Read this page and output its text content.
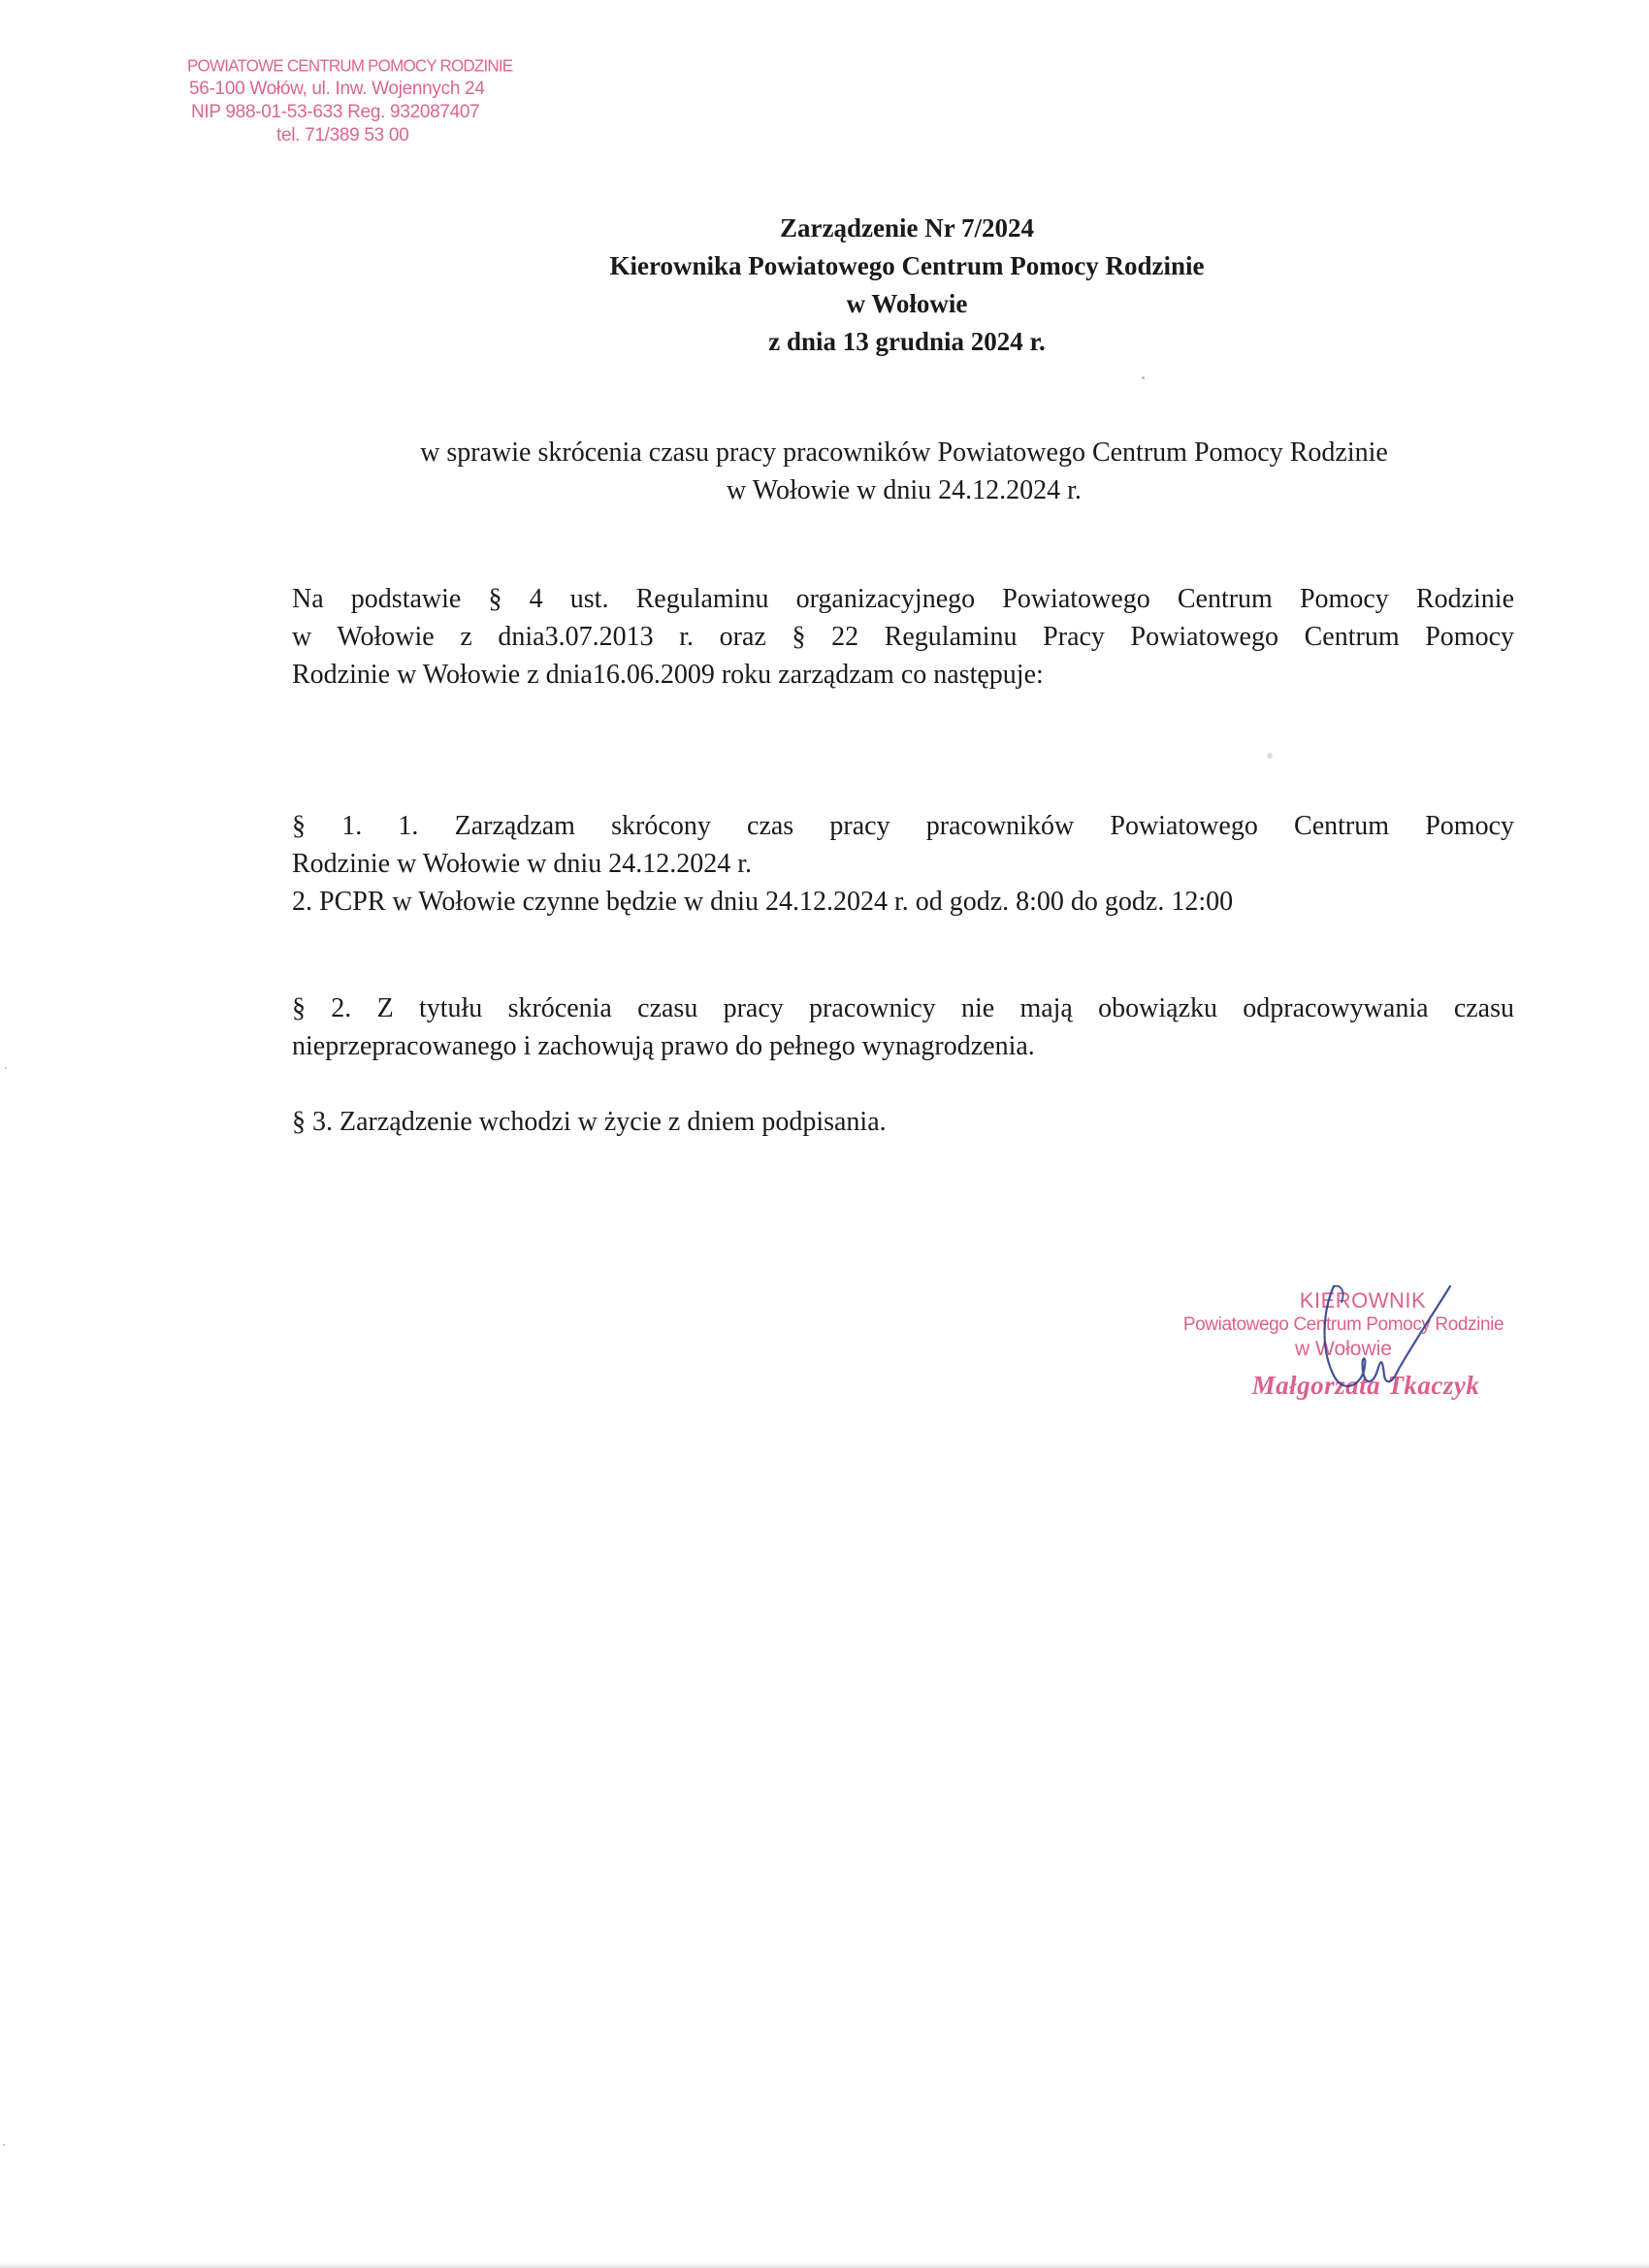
POWIATOWE CENTRUM POMOCY RODZINIE
56-100 Wołów, ul. Inw. Wojennych 24
NIP 988-01-53-633 Reg. 932087407
tel. 71/389 53 00
Zarządzenie Nr 7/2024
Kierownika Powiatowego Centrum Pomocy Rodzinie
w Wołowie
z dnia 13 grudnia 2024 r.
w sprawie skrócenia czasu pracy pracowników Powiatowego Centrum Pomocy Rodzinie
w Wołowie w dniu 24.12.2024 r.
Na podstawie § 4 ust. Regulaminu organizacyjnego Powiatowego Centrum Pomocy Rodzinie
w Wołowie z dnia3.07.2013 r. oraz § 22 Regulaminu Pracy Powiatowego Centrum Pomocy
Rodzinie w Wołowie z dnia16.06.2009 roku zarządzam co następuje:
§ 1. 1. Zarządzam skrócony czas pracy pracowników Powiatowego Centrum Pomocy
Rodzinie w Wołowie w dniu 24.12.2024 r.
2. PCPR w Wołowie czynne będzie w dniu 24.12.2024 r. od godz. 8:00 do godz. 12:00
§ 2. Z tytułu skrócenia czasu pracy pracownicy nie mają obowiązku odpracowywania czasu
nieprzepracowanego i zachowują prawo do pełnego wynagrodzenia.
§ 3. Zarządzenie wchodzi w życie z dniem podpisania.
KIEROWNIK
Powiatowego Centrum Pomocy Rodzinie
w Wołowie
Małgorzata Tkaczyk
